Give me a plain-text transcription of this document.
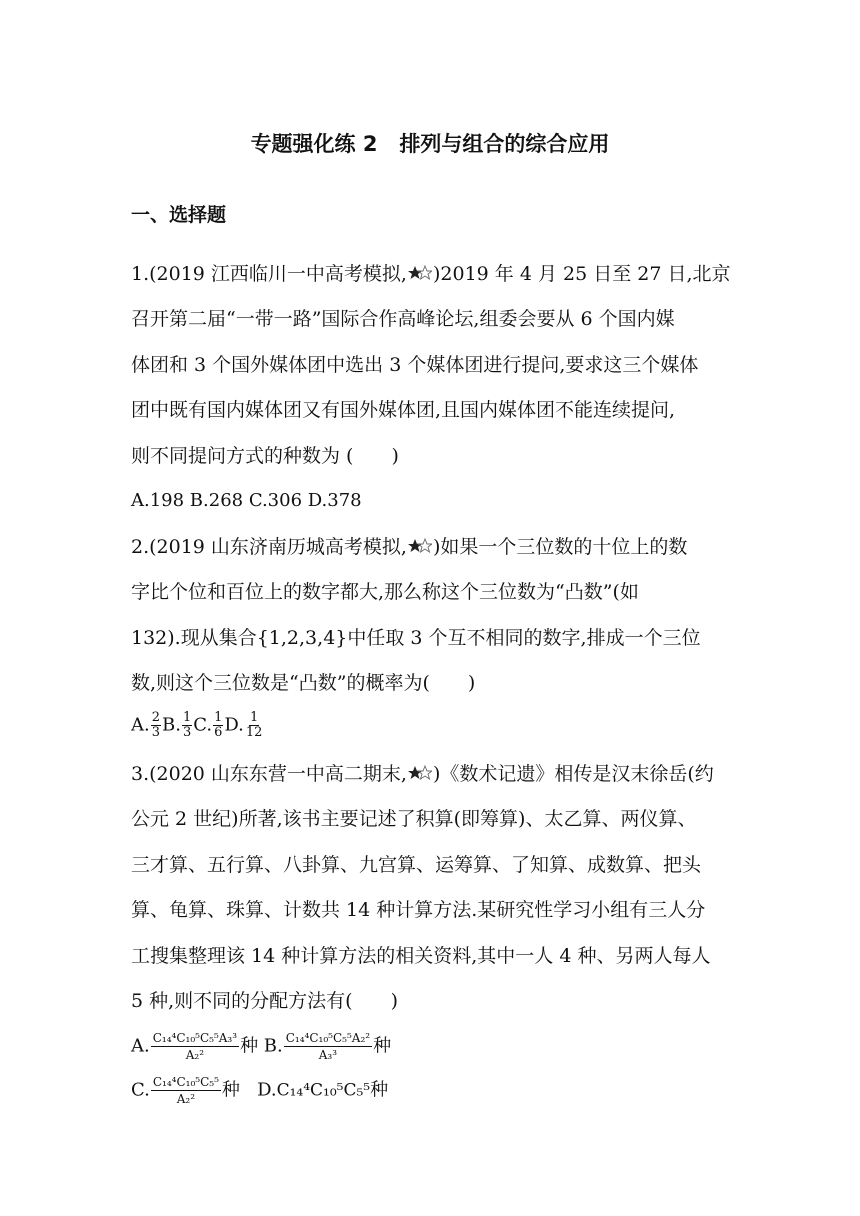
专题强化练 2 排列与组合的综合应用
一、选择题
1.(2019 江西临川一中高考模拟, )2019 年 4 月 25 日至 27 日,北京
召开第二届“一带一路”国际合作高峰论坛,组委会要从 6 个国内媒
体团和 3 个国外媒体团中选出 3 个媒体团进行提问,要求这三个媒体
团中既有国内媒体团又有国外媒体团,且国内媒体团不能连续提问,
则不同提问方式的种数为 (　　)
A.198 B.268 C.306 D.378
2.(2019 山东济南历城高考模拟, )如果一个三位数的十位上的数
字比个位和百位上的数字都大,那么称这个三位数为“凸数”(如
132).现从集合{1,2,3,4}中任取 3 个互不相同的数字,排成一个三位
数,则这个三位数是“凸数”的概率为(　　)
A. $\frac{2}{3} B$. $\frac{1}{3} C$. $\frac{1}{6} D$. $\frac{1}{12}$
3.(2020 山东东营一中高二期末, )《数术记遗》相传是汉末徐岳(约
公元 2 世纪)所著,该书主要记述了积算(即筹算)、太乙算、两仪算、
三才算、五行算、八卦算、九宫算、运筹算、了知算、成数算、把头
算、龟算、珠算、计数共 14 种计算方法.某研究性学习小组有三人分
工搜集整理该 14 种计算方法的相关资料,其中一人 4 种、另两人每人
5 种,则不同的分配方法有(　　)
A. $\frac{\text{C₁₄⁴C₁₀⁵C₅⁵A₃³}}{\text{A₂²}}$ 种 B. $\frac{\text{C₁₄⁴C₁₀⁵C₅⁵A₂²}}{\text{A₃³}}$ 种
C. $\frac{\text{C₁₄⁴C₁₀⁵C₅⁵}}{\text{A₂²}}$ 种 D.C₁₄⁴C₁₀⁵C₅⁵种
